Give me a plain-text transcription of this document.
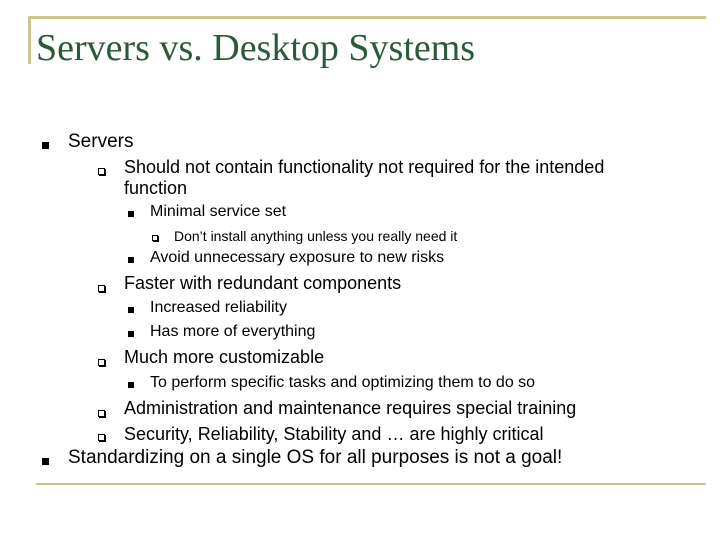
Servers vs. Desktop Systems
Servers
Should not contain functionality not required for the intended
function
Minimal service set
Don’t install anything unless you really need it
Avoid unnecessary exposure to new risks
Faster with redundant components
Increased reliability
Has more of everything
Much more customizable
To perform specific tasks and optimizing them to do so
Administration and maintenance requires special training
Security, Reliability, Stability and … are highly critical
Standardizing on a single OS for all purposes is not a goal!
